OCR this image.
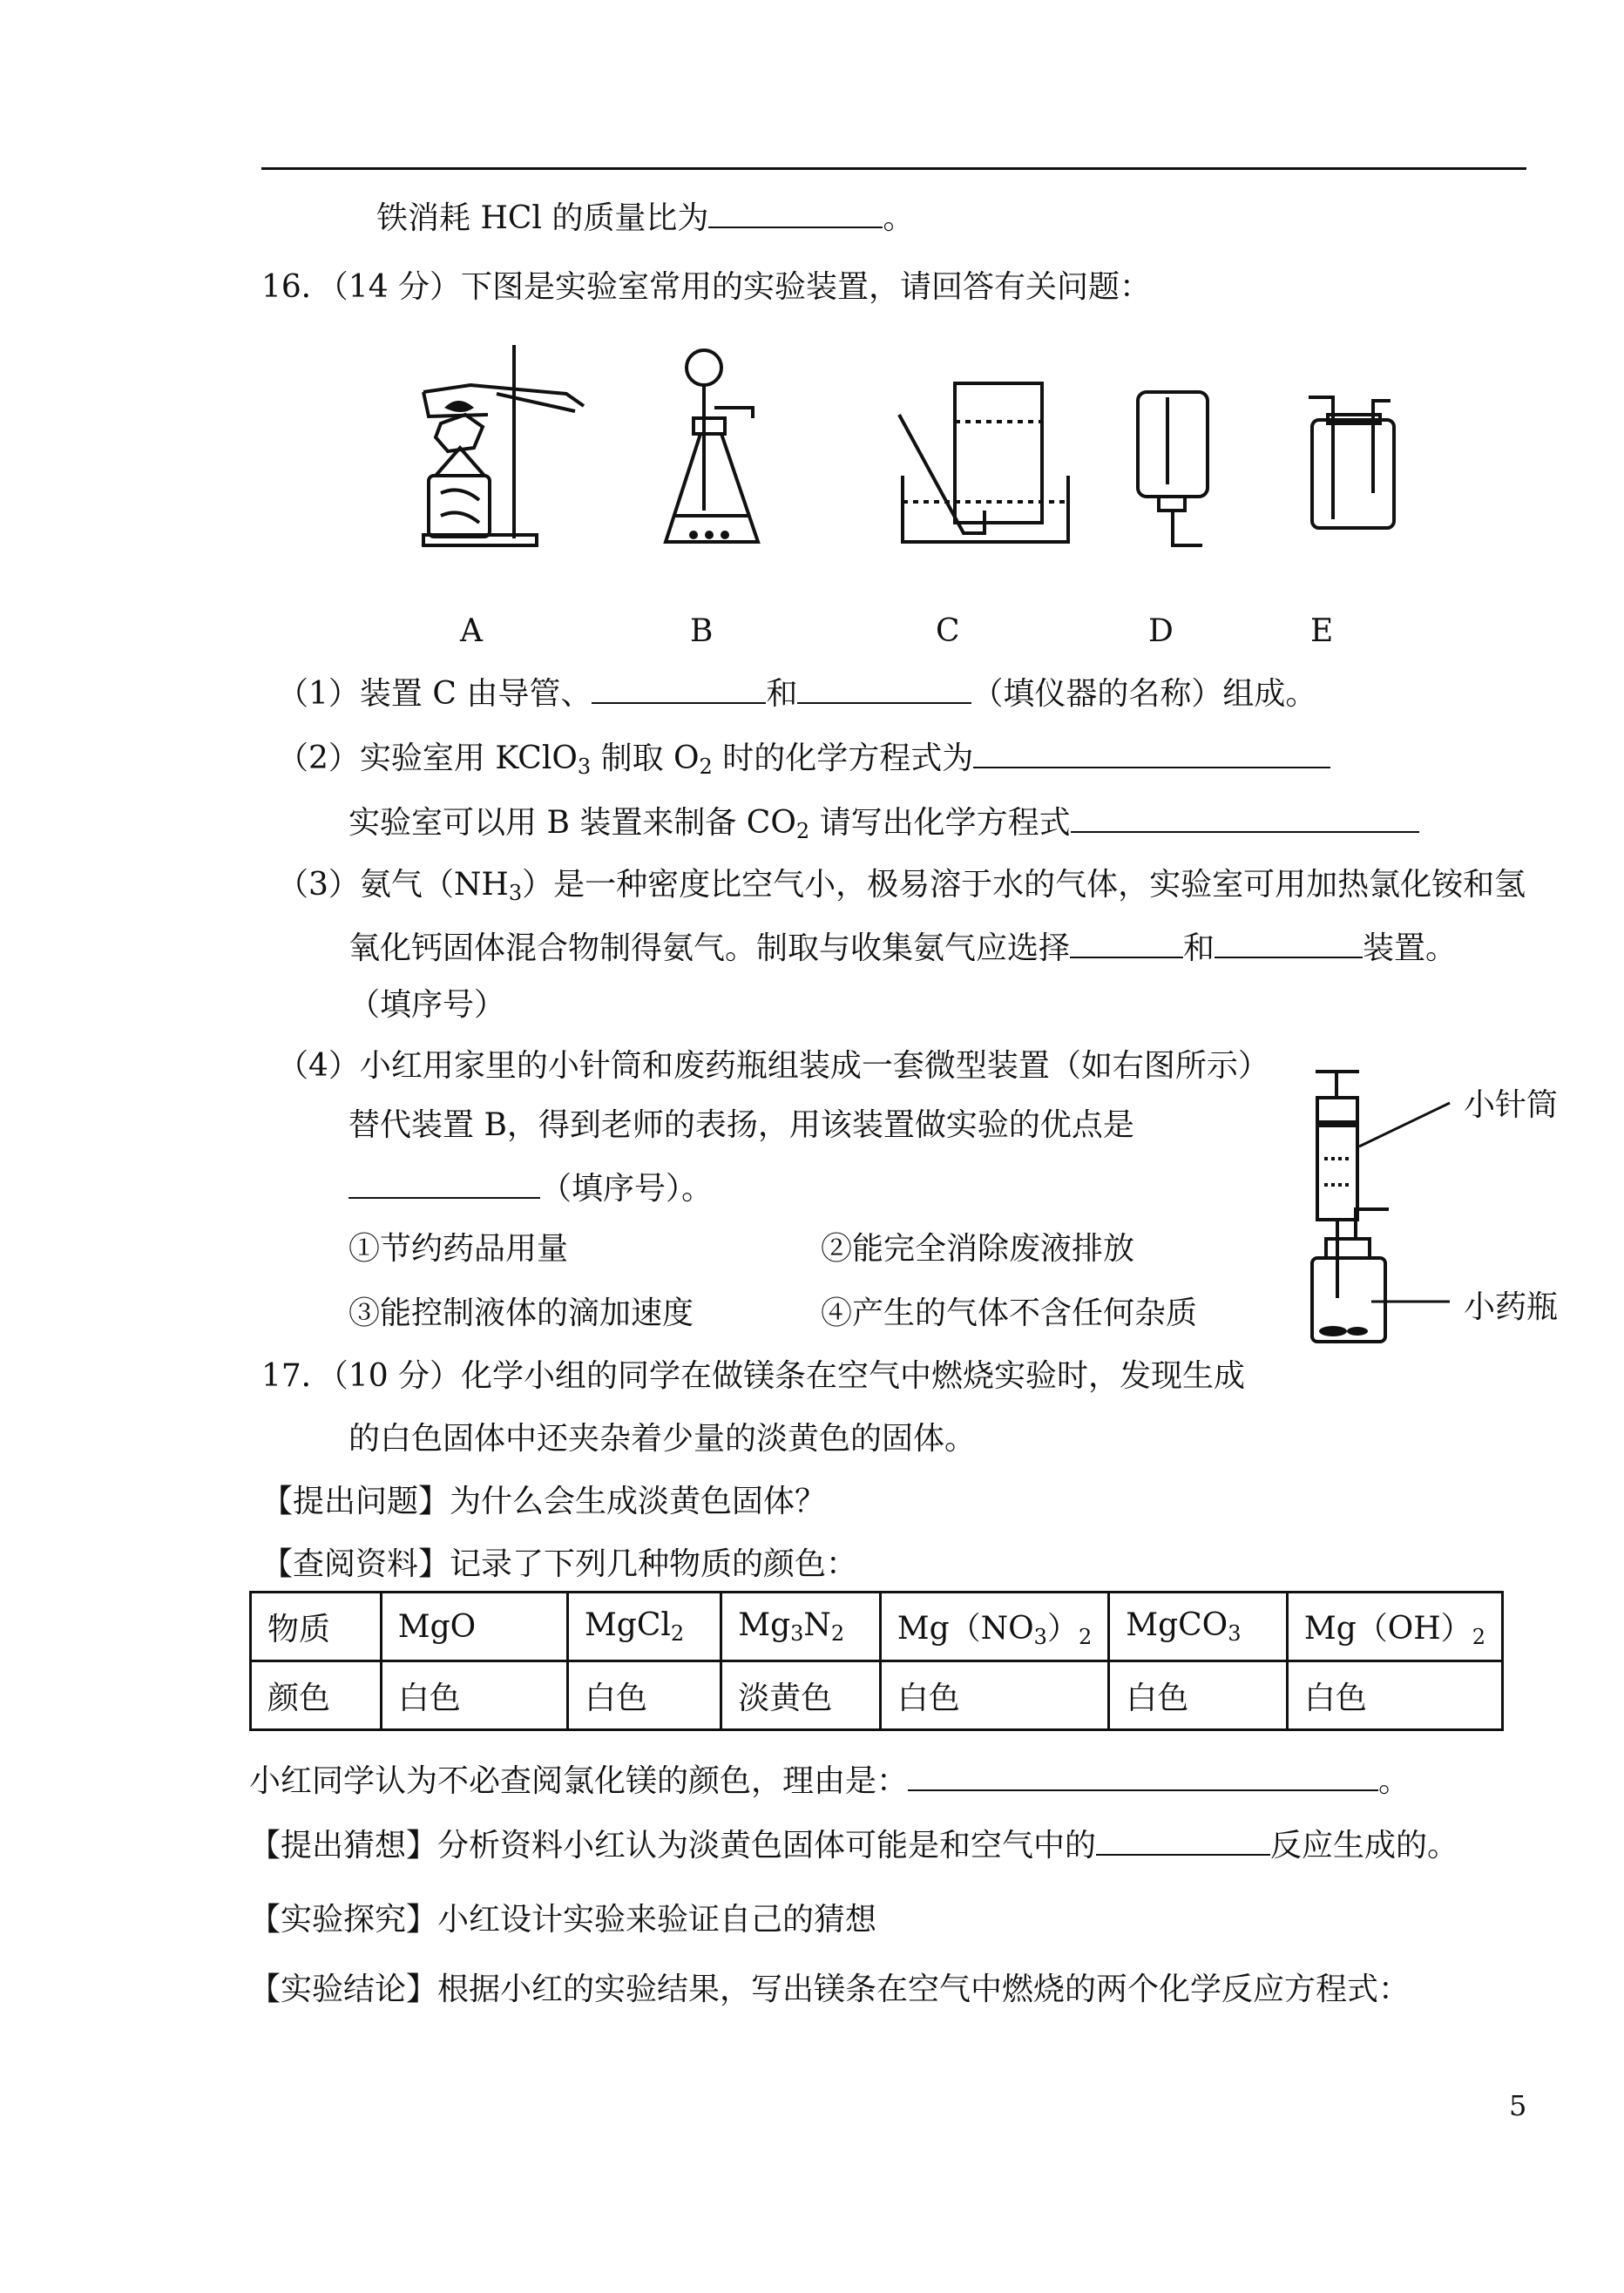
铁消耗 HCl 的质量比为	。
16．（14 分）下图是实验室常用的实验装置，请回答有关问题：
A	B	C	D	E
（1）装置 C 由导管、	和	（填仪器的名称）组成。
（2）实验室用 KClO$_3$ 制取 $O_2$ 时的化学方程式为
实验室可以用 B 装置来制备 $CO_2$ 请写出化学方程式
（3）氨气$(NH_3)$是一种密度比空气小，极易溶于水的气体，实验室可用加热氯化铵和氢
氧化钙固体混合物制得氨气。制取与收集氨气应选择	和	装置。
（填序号）
（4）小红用家里的小针筒和废药瓶组装成一套微型装置（如右图所示）
替代装置 B，得到老师的表扬，用该装置做实验的优点是
（填序号）。
①节约药品用量	②能完全消除废液排放
③能控制液体的滴加速度	④产生的气体不含任何杂质
小针筒
小药瓶
17．（10 分）化学小组的同学在做镁条在空气中燃烧实验时，发现生成
的白色固体中还夹杂着少量的淡黄色的固体。
【提出问题】为什么会生成淡黄色固体？
【查阅资料】记录了下列几种物质的颜色：
物质	MgO	MgCl$_2$	$Mg_3N_2$	$Mg(NO_3)_2$	MgCO$_3$	$Mg(OH)_2$
颜色	白色	白色	淡黄色	白色	白色	白色
小红同学认为不必查阅氯化镁的颜色，理由是：	。
【提出猜想】分析资料小红认为淡黄色固体可能是和空气中的	反应生成的。
【实验探究】小红设计实验来验证自己的猜想
【实验结论】根据小红的实验结果，写出镁条在空气中燃烧的两个化学反应方程式：
5
